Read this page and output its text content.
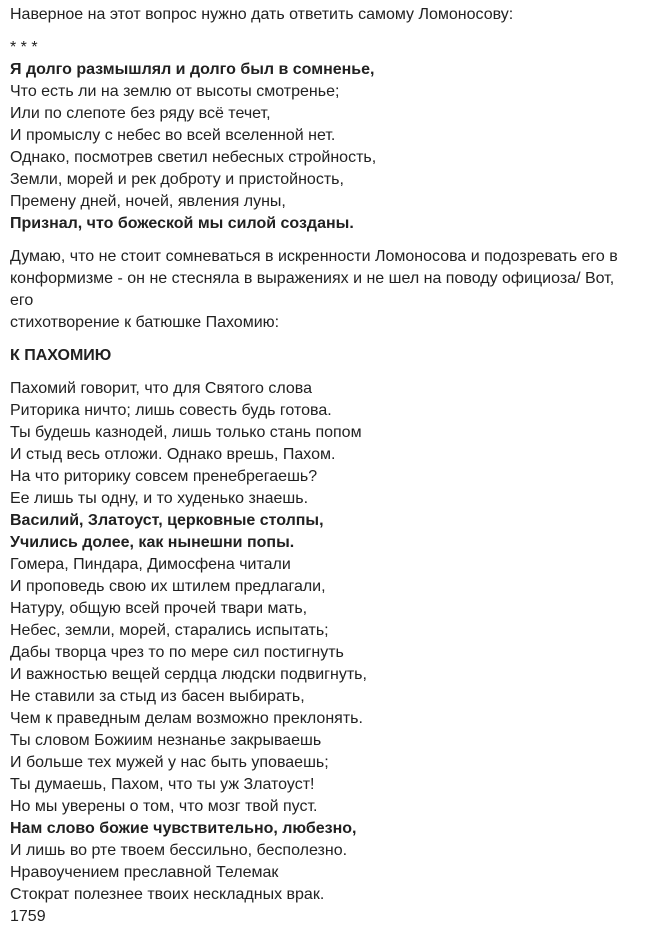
Наверное на этот вопрос нужно дать ответить самому Ломоносову:

* * *

Я долго размышлял и долго был в сомненье,
Что есть ли на землю от высоты смотренье;
Или по слепоте без ряду всё течет,
И промыслу с небес во всей вселенной нет.
Однако, посмотрев светил небесных стройность,
Земли, морей и рек доброту и пристойность,
Премену дней, ночей, явления луны,
Признал, что божеской мы силой созданы.

Думаю, что не стоит сомневаться в искренности Ломоносова и подозревать его в
конформизме - он не стесняла в выражениях и не шел на поводу официоза/ Вот, его
стихотворение к батюшке Пахомию:

К ПАХОМИЮ

Пахомий говорит, что для Святого слова
Риторика ничто; лишь совесть будь готова.
Ты будешь казнодей, лишь только стань попом
И стыд весь отложи. Однако врешь, Пахом.
На что риторику совсем пренебрегаешь?
Ее лишь ты одну, и то худенько знаешь.
Василий, Златоуст, церковные столпы,
Учились долее, как нынешни попы.
Гомера, Пиндара, Димосфена читали
И проповедь свою их штилем предлагали,
Натуру, общую всей прочей твари мать,
Небес, земли, морей, старались испытать;
Дабы творца чрез то по мере сил постигнуть
И важностью вещей сердца людски подвигнуть,
Не ставили за стыд из басен выбирать,
Чем к праведным делам возможно преклонять.
Ты словом Божиим незнанье закрываешь
И больше тех мужей у нас быть уповаешь;
Ты думаешь, Пахом, что ты уж Златоуст!
Но мы уверены о том, что мозг твой пуст.
Нам слово божие чувствительно, любезно,
И лишь во рте твоем бессильно, бесполезно.
Нравоучением преславной Телемак
Стократ полезнее твоих нескладных врак.
1759
